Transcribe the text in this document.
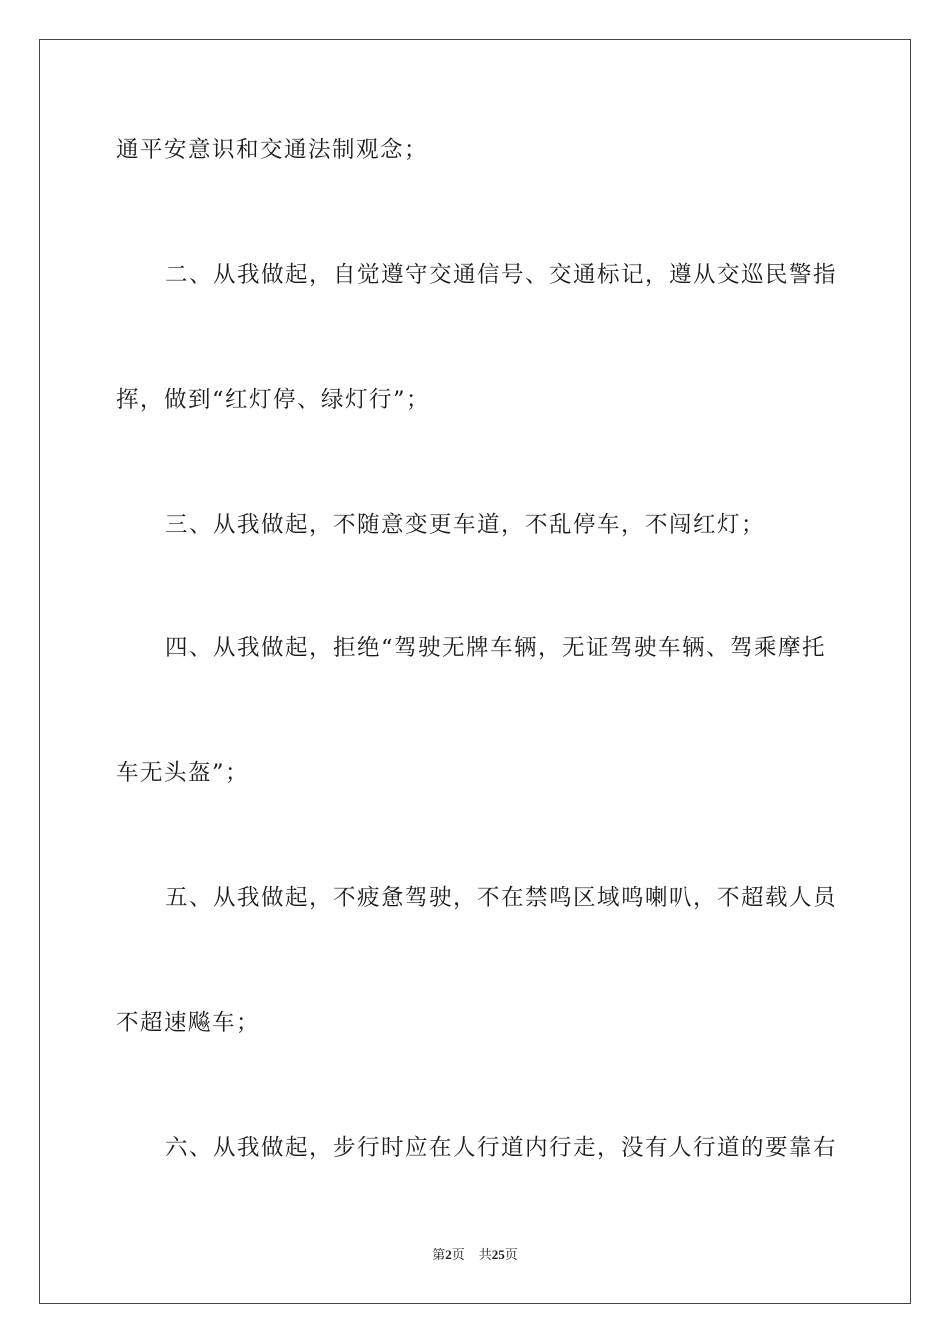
通平安意识和交通法制观念；
二、从我做起，自觉遵守交通信号、交通标记，遵从交巡民警指
挥，做到“红灯停、绿灯行”；
三、从我做起，不随意变更车道，不乱停车，不闯红灯；
四、从我做起，拒绝“驾驶无牌车辆，无证驾驶车辆、驾乘摩托
车无头盔”；
五、从我做起，不疲惫驾驶，不在禁鸣区域鸣喇叭，不超载人员
不超速飚车；
六、从我做起，步行时应在人行道内行走，没有人行道的要靠右
第2页 共25页
